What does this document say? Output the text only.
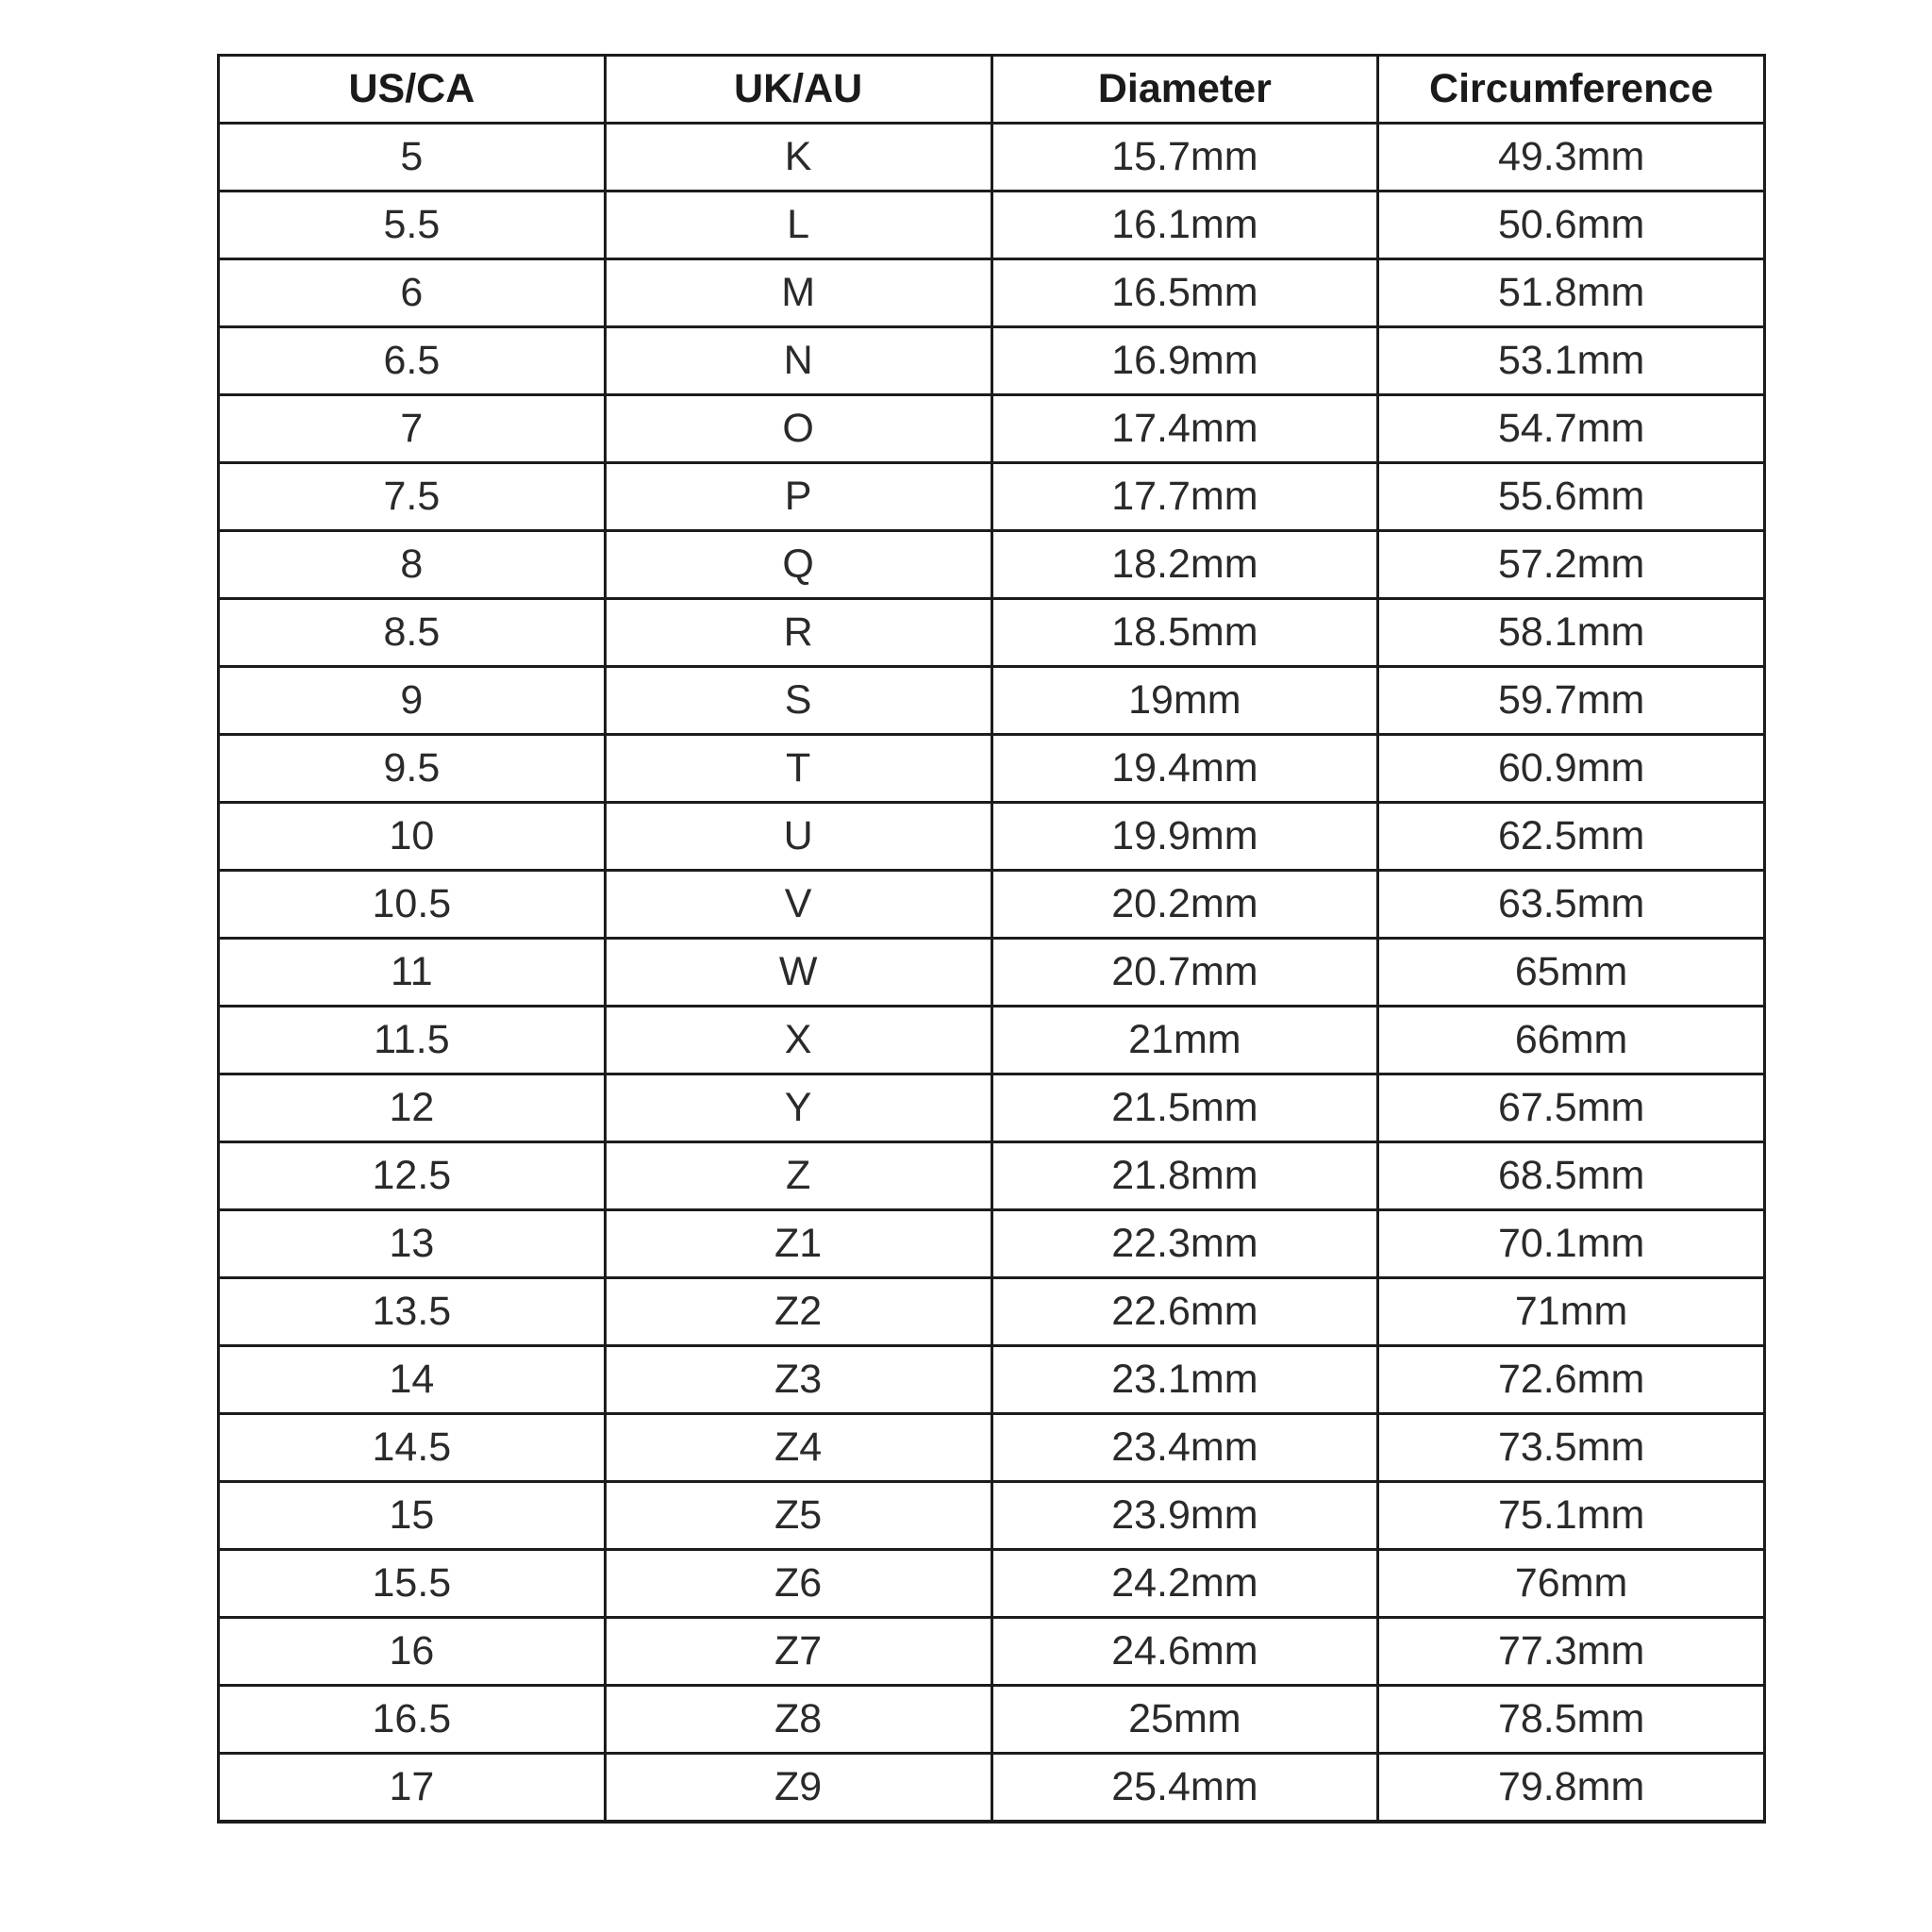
US/CA	UK/AU	Diameter	Circumference
5	K	15.7mm	49.3mm
5.5	L	16.1mm	50.6mm
6	M	16.5mm	51.8mm
6.5	N	16.9mm	53.1mm
7	O	17.4mm	54.7mm
7.5	P	17.7mm	55.6mm
8	Q	18.2mm	57.2mm
8.5	R	18.5mm	58.1mm
9	S	19mm	59.7mm
9.5	T	19.4mm	60.9mm
10	U	19.9mm	62.5mm
10.5	V	20.2mm	63.5mm
11	W	20.7mm	65mm
11.5	X	21mm	66mm
12	Y	21.5mm	67.5mm
12.5	Z	21.8mm	68.5mm
13	Z1	22.3mm	70.1mm
13.5	Z2	22.6mm	71mm
14	Z3	23.1mm	72.6mm
14.5	Z4	23.4mm	73.5mm
15	Z5	23.9mm	75.1mm
15.5	Z6	24.2mm	76mm
16	Z7	24.6mm	77.3mm
16.5	Z8	25mm	78.5mm
17	Z9	25.4mm	79.8mm
